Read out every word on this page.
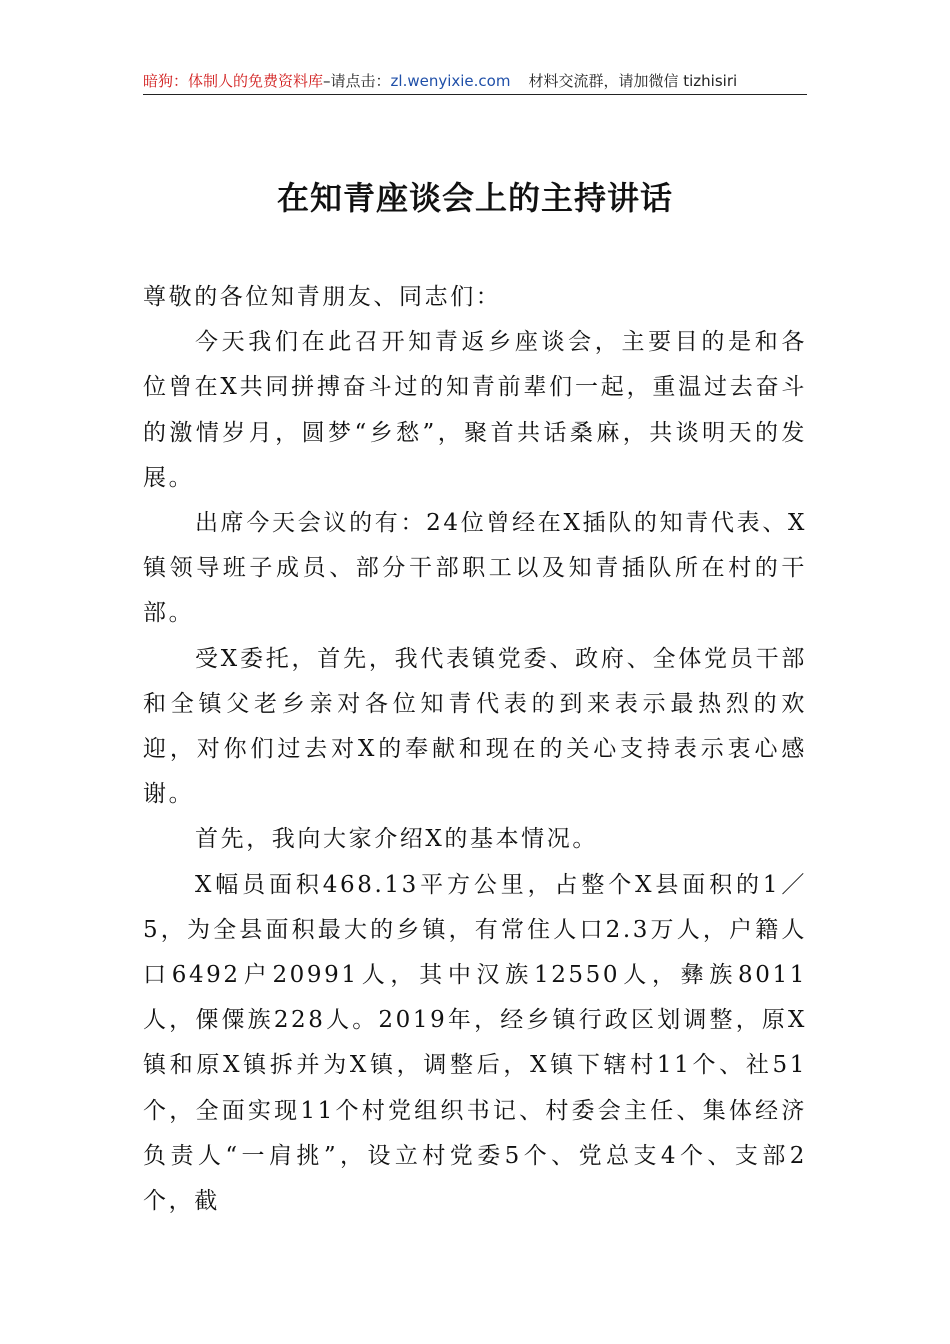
暗狗：体制人的免费资料库–请点击：zl.wenyixie.com 材料交流群，请加微信 tizhisiri
在知青座谈会上的主持讲话

尊敬的各位知青朋友、同志们：

今天我们在此召开知青返乡座谈会，主要目的是和各位曾在X共同拼搏奋斗过的知青前辈们一起，重温过去奋斗的激情岁月，圆梦“乡愁”，聚首共话桑麻，共谈明天的发展。

出席今天会议的有：24位曾经在X插队的知青代表、X镇领导班子成员、部分干部职工以及知青插队所在村的干部。

受X委托，首先，我代表镇党委、政府、全体党员干部和全镇父老乡亲对各位知青代表的到来表示最热烈的欢迎，对你们过去对X的奉献和现在的关心支持表示衷心感谢。

首先，我向大家介绍X的基本情况。

X幅员面积468.13平方公里，占整个X县面积的1／5，为全县面积最大的乡镇，有常住人口2.3万人，户籍人口6492户20991人，其中汉族12550人，彝族8011人，傈僳族228人。2019年，经乡镇行政区划调整，原X镇和原X镇拆并为X镇，调整后，X镇下辖村11个、社51个，全面实现11个村党组织书记、村委会主任、集体经济负责人“一肩挑”，设立村党委5个、党总支4个、支部2个，截
